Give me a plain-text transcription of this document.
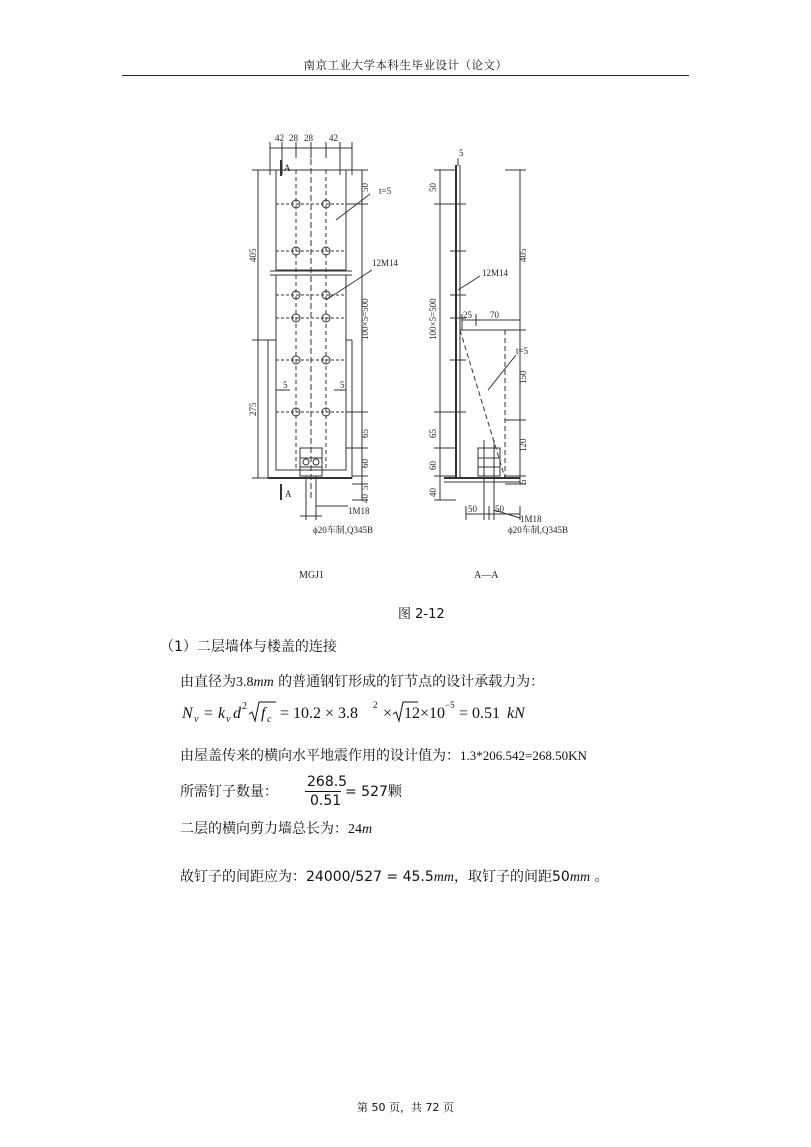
南京工业大学本科生毕业设计（论文）
42 28 28 42
A
A
t=5
12M14
5	5
1M18
ϕ20车制,Q345B
MGJ1
405
275
50
100×5=500
65
60
5
40
5
50
100×5=500
65
60
40
405
150
120
5
25 70
12M14
t=5
50 50
1M18
ϕ20车制,Q345B
A—A
图 2-12
（1）二层墙体与楼盖的连接
由直径为3.8mm 的普通钢钉形成的钉节点的设计承载力为：
N v = k v d 2 f c = 10.2 × 3.8 2 × 12 ×10 −5 = 0.51 kN
由屋盖传来的横向水平地震作用的设计值为：1.3*206.542=268.50KN
所需钉子数量：
268.5
0.51
= 527颗
二层的横向剪力墙总长为：24m
故钉子的间距应为：24000/527 = 45.5mm，取钉子的间距50mm 。
第 50 页，共 72 页
